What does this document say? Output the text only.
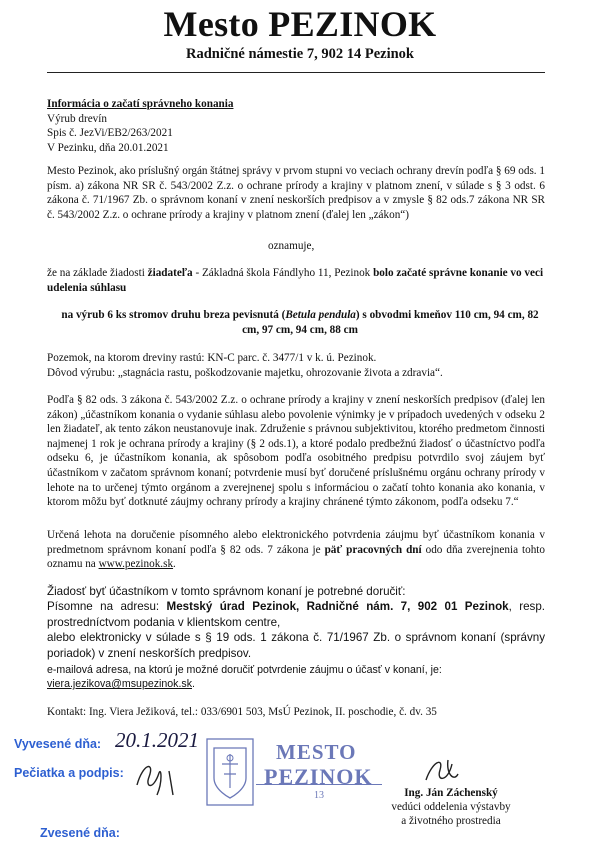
Mesto PEZINOK
Radničné námestie 7, 902 14 Pezinok
Informácia o začatí správneho konania
Výrub drevín
Spis č. JezVi/EB2/263/2021
V Pezinku, dňa 20.01.2021
Mesto Pezinok, ako príslušný orgán štátnej správy v prvom stupni vo veciach ochrany drevín podľa § 69 ods. 1 písm. a) zákona NR SR č. 543/2002 Z.z. o ochrane prírody a krajiny v platnom znení, v súlade s § 3 odst. 6 zákona č. 71/1967 Zb. o správnom konaní v znení neskorších predpisov a v zmysle § 82 ods.7 zákona NR SR č. 543/2002 Z.z. o ochrane prírody a krajiny v platnom znení (ďalej len „zákon“)
oznamuje,
že na základe žiadosti žiadateľa - Základná škola Fándlyho 11, Pezinok bolo začaté správne konanie vo veci udelenia súhlasu
na výrub 6 ks stromov druhu breza pevisnutá (Betula pendula) s obvodmi kmeňov 110 cm, 94 cm, 82 cm, 97 cm, 94 cm, 88 cm
Pozemok, na ktorom dreviny rastú: KN-C parc. č. 3477/1 v k. ú. Pezinok.
Dôvod výrubu: „stagnácia rastu, poškodzovanie majetku, ohrozovanie života a zdravia“.
Podľa § 82 ods. 3 zákona č. 543/2002 Z.z. o ochrane prírody a krajiny v znení neskorších predpisov (ďalej len zákon) „účastníkom konania o vydanie súhlasu alebo povolenie výnimky je v prípadoch uvedených v odseku 2 len žiadateľ, ak tento zákon neustanovuje inak. Združenie s právnou subjektivitou, ktorého predmetom činnosti najmenej 1 rok je ochrana prírody a krajiny (§ 2 ods.1), a ktoré podalo predbežnú žiadosť o účastníctvo podľa odseku 6, je účastníkom konania, ak spôsobom podľa osobitného predpisu potvrdilo svoj záujem byť účastníkom v začatom správnom konaní; potvrdenie musí byť doručené príslušnému orgánu ochrany prírody v lehote na to určenej týmto orgánom a zverejnenej spolu s informáciou o začatí tohto konania ako konania, v ktorom môžu byť dotknuté záujmy ochrany prírody a krajiny chránené týmto zákonom, podľa odseku 7.“
Určená lehota na doručenie písomného alebo elektronického potvrdenia záujmu byť účastníkom konania v predmetnom správnom konaní podľa § 82 ods. 7 zákona je päť pracovných dní odo dňa zverejnenia tohto oznamu na www.pezinok.sk.
Žiadosť byť účastníkom v tomto správnom konaní je potrebné doručiť:
Písomne na adresu: Mestský úrad Pezinok, Radničné nám. 7, 902 01 Pezinok, resp. prostredníctvom podania v klientskom centre,
alebo elektronicky v súlade s § 19 ods. 1 zákona č. 71/1967 Zb. o správnom konaní (správny poriadok) v znení neskorších predpisov.
e-mailová adresa, na ktorú je možné doručiť potvrdenie záujmu o účasť v konaní, je:
viera.jezikova@msupezinok.sk.
Kontakt: Ing. Viera Ježiková, tel.: 033/6901 503, MsÚ Pezinok, II. poschodie, č. dv. 35
Vyvesené dňa: 20.1.2021
Pečiatka a podpis:
Zvesené dňa:
MESTO
PEZINOK
13	Ing. Ján Záchenský
vedúci oddelenia výstavby
a životného prostredia
